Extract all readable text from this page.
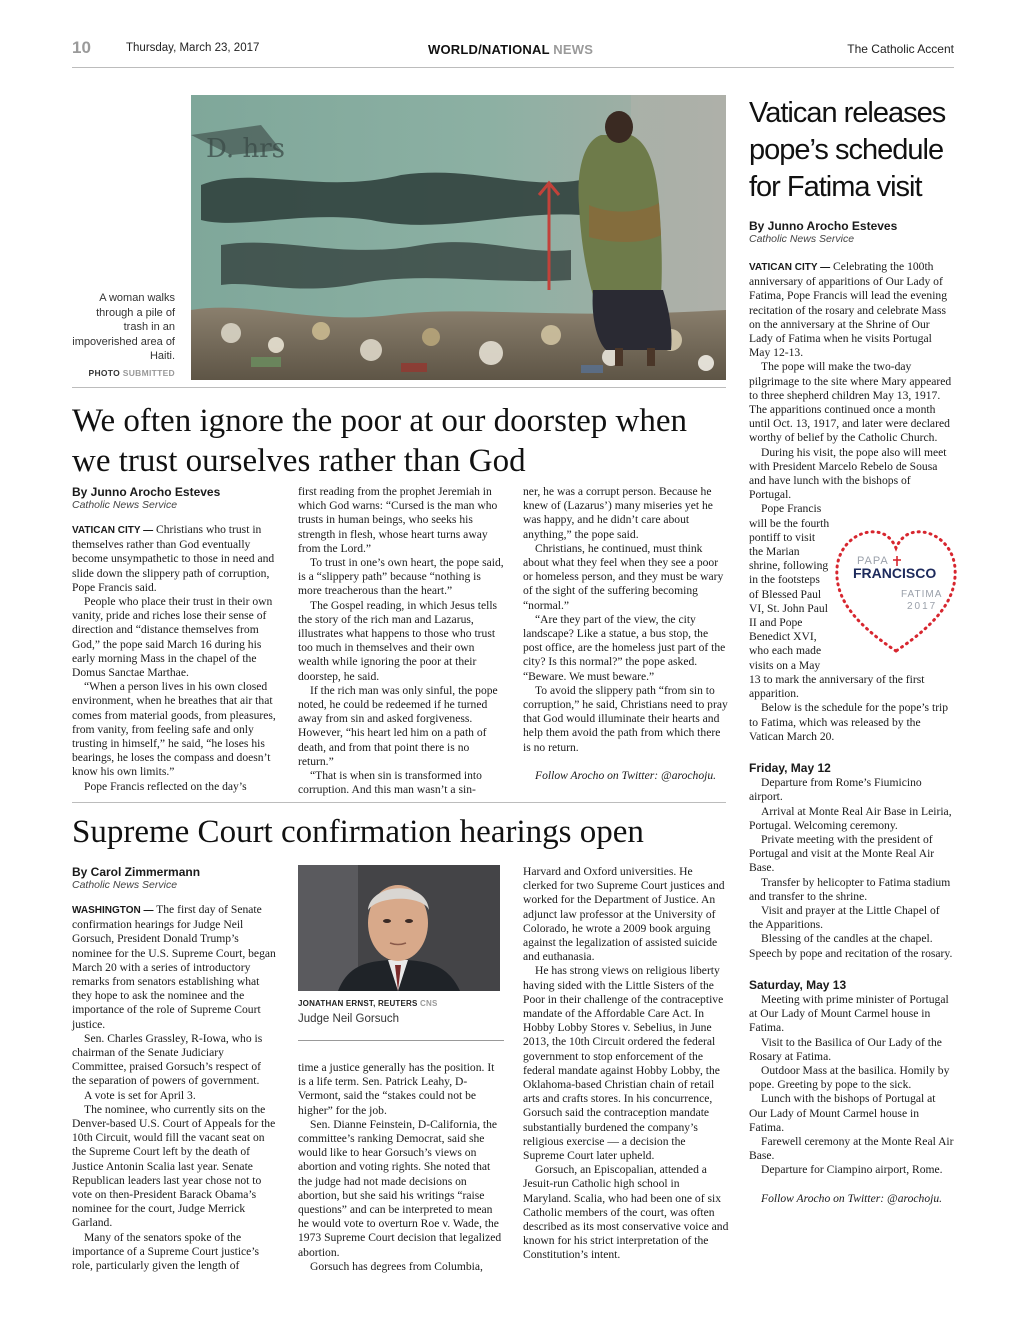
10	Thursday, March 23, 2017	WORLD/NATIONAL NEWS	The Catholic Accent
D. hrs
A woman walks through a pile of trash in an impoverished area of Haiti.
PHOTO SUBMITTED
We often ignore the poor at our doorstep when we trust ourselves rather than God
By Junno Arocho Esteves
Catholic News Service

VATICAN CITY — Christians who trust in themselves rather than God eventually become unsympathetic to those in need and slide down the slippery path of corruption, Pope Francis said.

People who place their trust in their own vanity, pride and riches lose their sense of direction and “distance themselves from God,” the pope said March 16 during his early morning Mass in the chapel of the Domus Sanctae Marthae.

“When a person lives in his own closed environment, when he breathes that air that comes from material goods, from pleasures, from vanity, from feeling safe and only trusting in himself,” he said, “he loses his bearings, he loses the compass and doesn’t know his own limits.”

Pope Francis reflected on the day’s

first reading from the prophet Jeremiah in which God warns: “Cursed is the man who trusts in human beings, who seeks his strength in flesh, whose heart turns away from the Lord.”

To trust in one’s own heart, the pope said, is a “slippery path” because “nothing is more treacherous than the heart.”

The Gospel reading, in which Jesus tells the story of the rich man and Lazarus, illustrates what happens to those who trust too much in themselves and their own wealth while ignoring the poor at their doorstep, he said.

If the rich man was only sinful, the pope noted, he could be redeemed if he turned away from sin and asked forgiveness. However, “his heart led him on a path of death, and from that point there is no return.”

“That is when sin is transformed into corruption. And this man wasn’t a sin-

ner, he was a corrupt person. Because he knew of (Lazarus’) many miseries yet he was happy, and he didn’t care about anything,” the pope said.

Christians, he continued, must think about what they feel when they see a poor or homeless person, and they must be wary of the sight of the suffering becoming “normal.”

“Are they part of the view, the city landscape? Like a statue, a bus stop, the post office, are the homeless just part of the city? Is this normal?” the pope asked. “Beware. We must beware.”

To avoid the slippery path “from sin to corruption,” he said, Christians need to pray that God would illuminate their hearts and help them avoid the path from which there is no return.

Follow Arocho on Twitter: @arochoju.

Supreme Court confirmation hearings open
By Carol Zimmermann
Catholic News Service

WASHINGTON — The first day of Senate confirmation hearings for Judge Neil Gorsuch, President Donald Trump’s nominee for the U.S. Supreme Court, began March 20 with a series of introductory remarks from senators establishing what they hope to ask the nominee and the importance of the role of Supreme Court justice.

Sen. Charles Grassley, R-Iowa, who is chairman of the Senate Judiciary Committee, praised Gorsuch’s respect of the separation of powers of government.

A vote is set for April 3.

The nominee, who currently sits on the Denver-based U.S. Court of Appeals for the 10th Circuit, would fill the vacant seat on the Supreme Court left by the death of Justice Antonin Scalia last year. Senate Republican leaders last year chose not to vote on then-President Barack Obama’s nominee for the court, Judge Merrick Garland.

Many of the senators spoke of the importance of a Supreme Court justice’s role, particularly given the length of

JONATHAN ERNST, REUTERS CNS
Judge Neil Gorsuch

time a justice generally has the position. It is a life term. Sen. Patrick Leahy, D-Vermont, said the “stakes could not be higher” for the job.

Sen. Dianne Feinstein, D-California, the committee’s ranking Democrat, said she would like to hear Gorsuch’s views on abortion and voting rights. She noted that the judge had not made decisions on abortion, but she said his writings “raise questions” and can be interpreted to mean he would vote to overturn Roe v. Wade, the 1973 Supreme Court decision that legalized abortion.

Gorsuch has degrees from Columbia,

Harvard and Oxford universities. He clerked for two Supreme Court justices and worked for the Department of Justice. An adjunct law professor at the University of Colorado, he wrote a 2009 book arguing against the legalization of assisted suicide and euthanasia.

He has strong views on religious liberty having sided with the Little Sisters of the Poor in their challenge of the contraceptive mandate of the Affordable Care Act. In Hobby Lobby Stores v. Sebelius, in June 2013, the 10th Circuit ordered the federal government to stop enforcement of the federal mandate against Hobby Lobby, the Oklahoma-based Christian chain of retail arts and crafts stores. In his concurrence, Gorsuch said the contraception mandate substantially burdened the company’s religious exercise — a decision the Supreme Court later upheld.

Gorsuch, an Episcopalian, attended a Jesuit-run Catholic high school in Maryland. Scalia, who had been one of six Catholic members of the court, was often described as its most conservative voice and known for his strict interpretation of the Constitution’s intent.

Vatican releases pope’s schedule for Fatima visit
By Junno Arocho Esteves
Catholic News Service

VATICAN CITY — Celebrating the 100th anniversary of apparitions of Our Lady of Fatima, Pope Francis will lead the evening recitation of the rosary and celebrate Mass on the anniversary at the Shrine of Our Lady of Fatima when he visits Portugal May 12-13.

The pope will make the two-day pilgrimage to the site where Mary appeared to three shepherd children May 13, 1917. The apparitions continued once a month until Oct. 13, 1917, and later were declared worthy of belief by the Catholic Church.

During his visit, the pope also will meet with President Marcelo Rebelo de Sousa and have lunch with the bishops of Portugal.

PAPA
FRANCISCO
FATIMA
2017

Pope Francis will be the fourth pontiff to visit the Marian shrine, following in the footsteps of Blessed Paul VI, St. John Paul II and Pope Benedict XVI, who each made visits on a May 13 to mark the anniversary of the first apparition.

Below is the schedule for the pope’s trip to Fatima, which was released by the Vatican March 20.

Friday, May 12

Departure from Rome’s Fiumicino airport.

Arrival at Monte Real Air Base in Leiria, Portugal. Welcoming ceremony.

Private meeting with the president of Portugal and visit at the Monte Real Air Base.

Transfer by helicopter to Fatima stadium and transfer to the shrine.

Visit and prayer at the Little Chapel of the Apparitions.

Blessing of the candles at the chapel. Speech by pope and recitation of the rosary.

Saturday, May 13

Meeting with prime minister of Portugal at Our Lady of Mount Carmel house in Fatima.

Visit to the Basilica of Our Lady of the Rosary at Fatima.

Outdoor Mass at the basilica. Homily by pope. Greeting by pope to the sick.

Lunch with the bishops of Portugal at Our Lady of Mount Carmel house in Fatima.

Farewell ceremony at the Monte Real Air Base.

Departure for Ciampino airport, Rome.

Follow Arocho on Twitter: @arochoju.
